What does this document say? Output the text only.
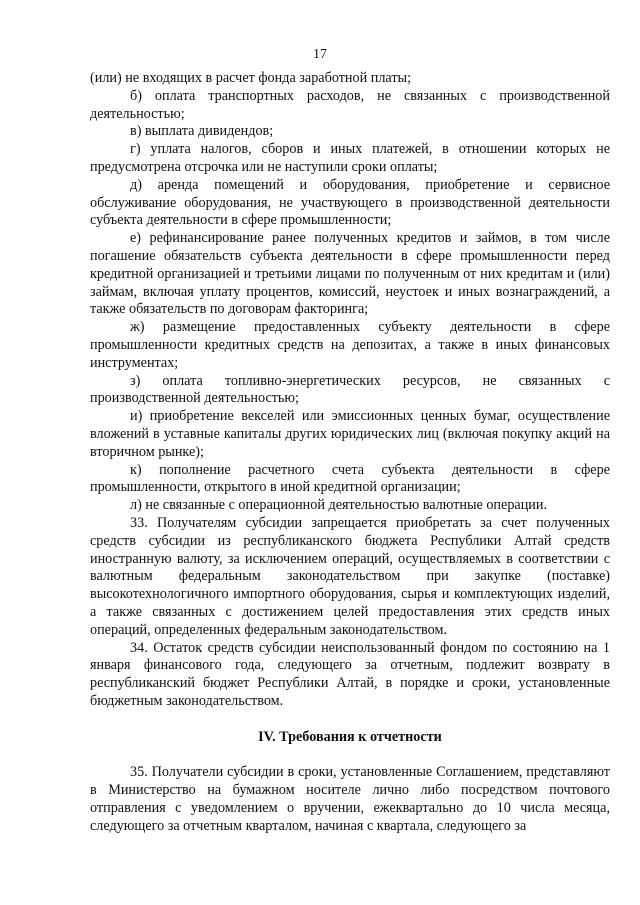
17

(или) не входящих в расчет фонда заработной платы;

б) оплата транспортных расходов, не связанных с производственной деятельностью;

в) выплата дивидендов;

г) уплата налогов, сборов и иных платежей, в отношении которых не предусмотрена отсрочка или не наступили сроки оплаты;

д) аренда помещений и оборудования, приобретение и сервисное обслуживание оборудования, не участвующего в производственной деятельности субъекта деятельности в сфере промышленности;

е) рефинансирование ранее полученных кредитов и займов, в том числе погашение обязательств субъекта деятельности в сфере промышленности перед кредитной организацией и третьими лицами по полученным от них кредитам и (или) займам, включая уплату процентов, комиссий, неустоек и иных вознаграждений, а также обязательств по договорам факторинга;

ж) размещение предоставленных субъекту деятельности в сфере промышленности кредитных средств на депозитах, а также в иных финансовых инструментах;

з) оплата топливно-энергетических ресурсов, не связанных с производственной деятельностью;

и) приобретение векселей или эмиссионных ценных бумаг, осуществление вложений в уставные капиталы других юридических лиц (включая покупку акций на вторичном рынке);

к) пополнение расчетного счета субъекта деятельности в сфере промышленности, открытого в иной кредитной организации;

л) не связанные с операционной деятельностью валютные операции.

33. Получателям субсидии запрещается приобретать за счет полученных средств субсидии из республиканского бюджета Республики Алтай средств иностранную валюту, за исключением операций, осуществляемых в соответствии с валютным федеральным законодательством при закупке (поставке) высокотехнологичного импортного оборудования, сырья и комплектующих изделий, а также связанных с достижением целей предоставления этих средств иных операций, определенных федеральным законодательством.

34. Остаток средств субсидии неиспользованный фондом по состоянию на 1 января финансового года, следующего за отчетным, подлежит возврату в республиканский бюджет Республики Алтай, в порядке и сроки, установленные бюджетным законодательством.

IV. Требования к отчетности

35. Получатели субсидии в сроки, установленные Соглашением, представляют в Министерство на бумажном носителе лично либо посредством почтового отправления с уведомлением о вручении, ежеквартально до 10 числа месяца, следующего за отчетным кварталом, начиная с квартала, следующего за
